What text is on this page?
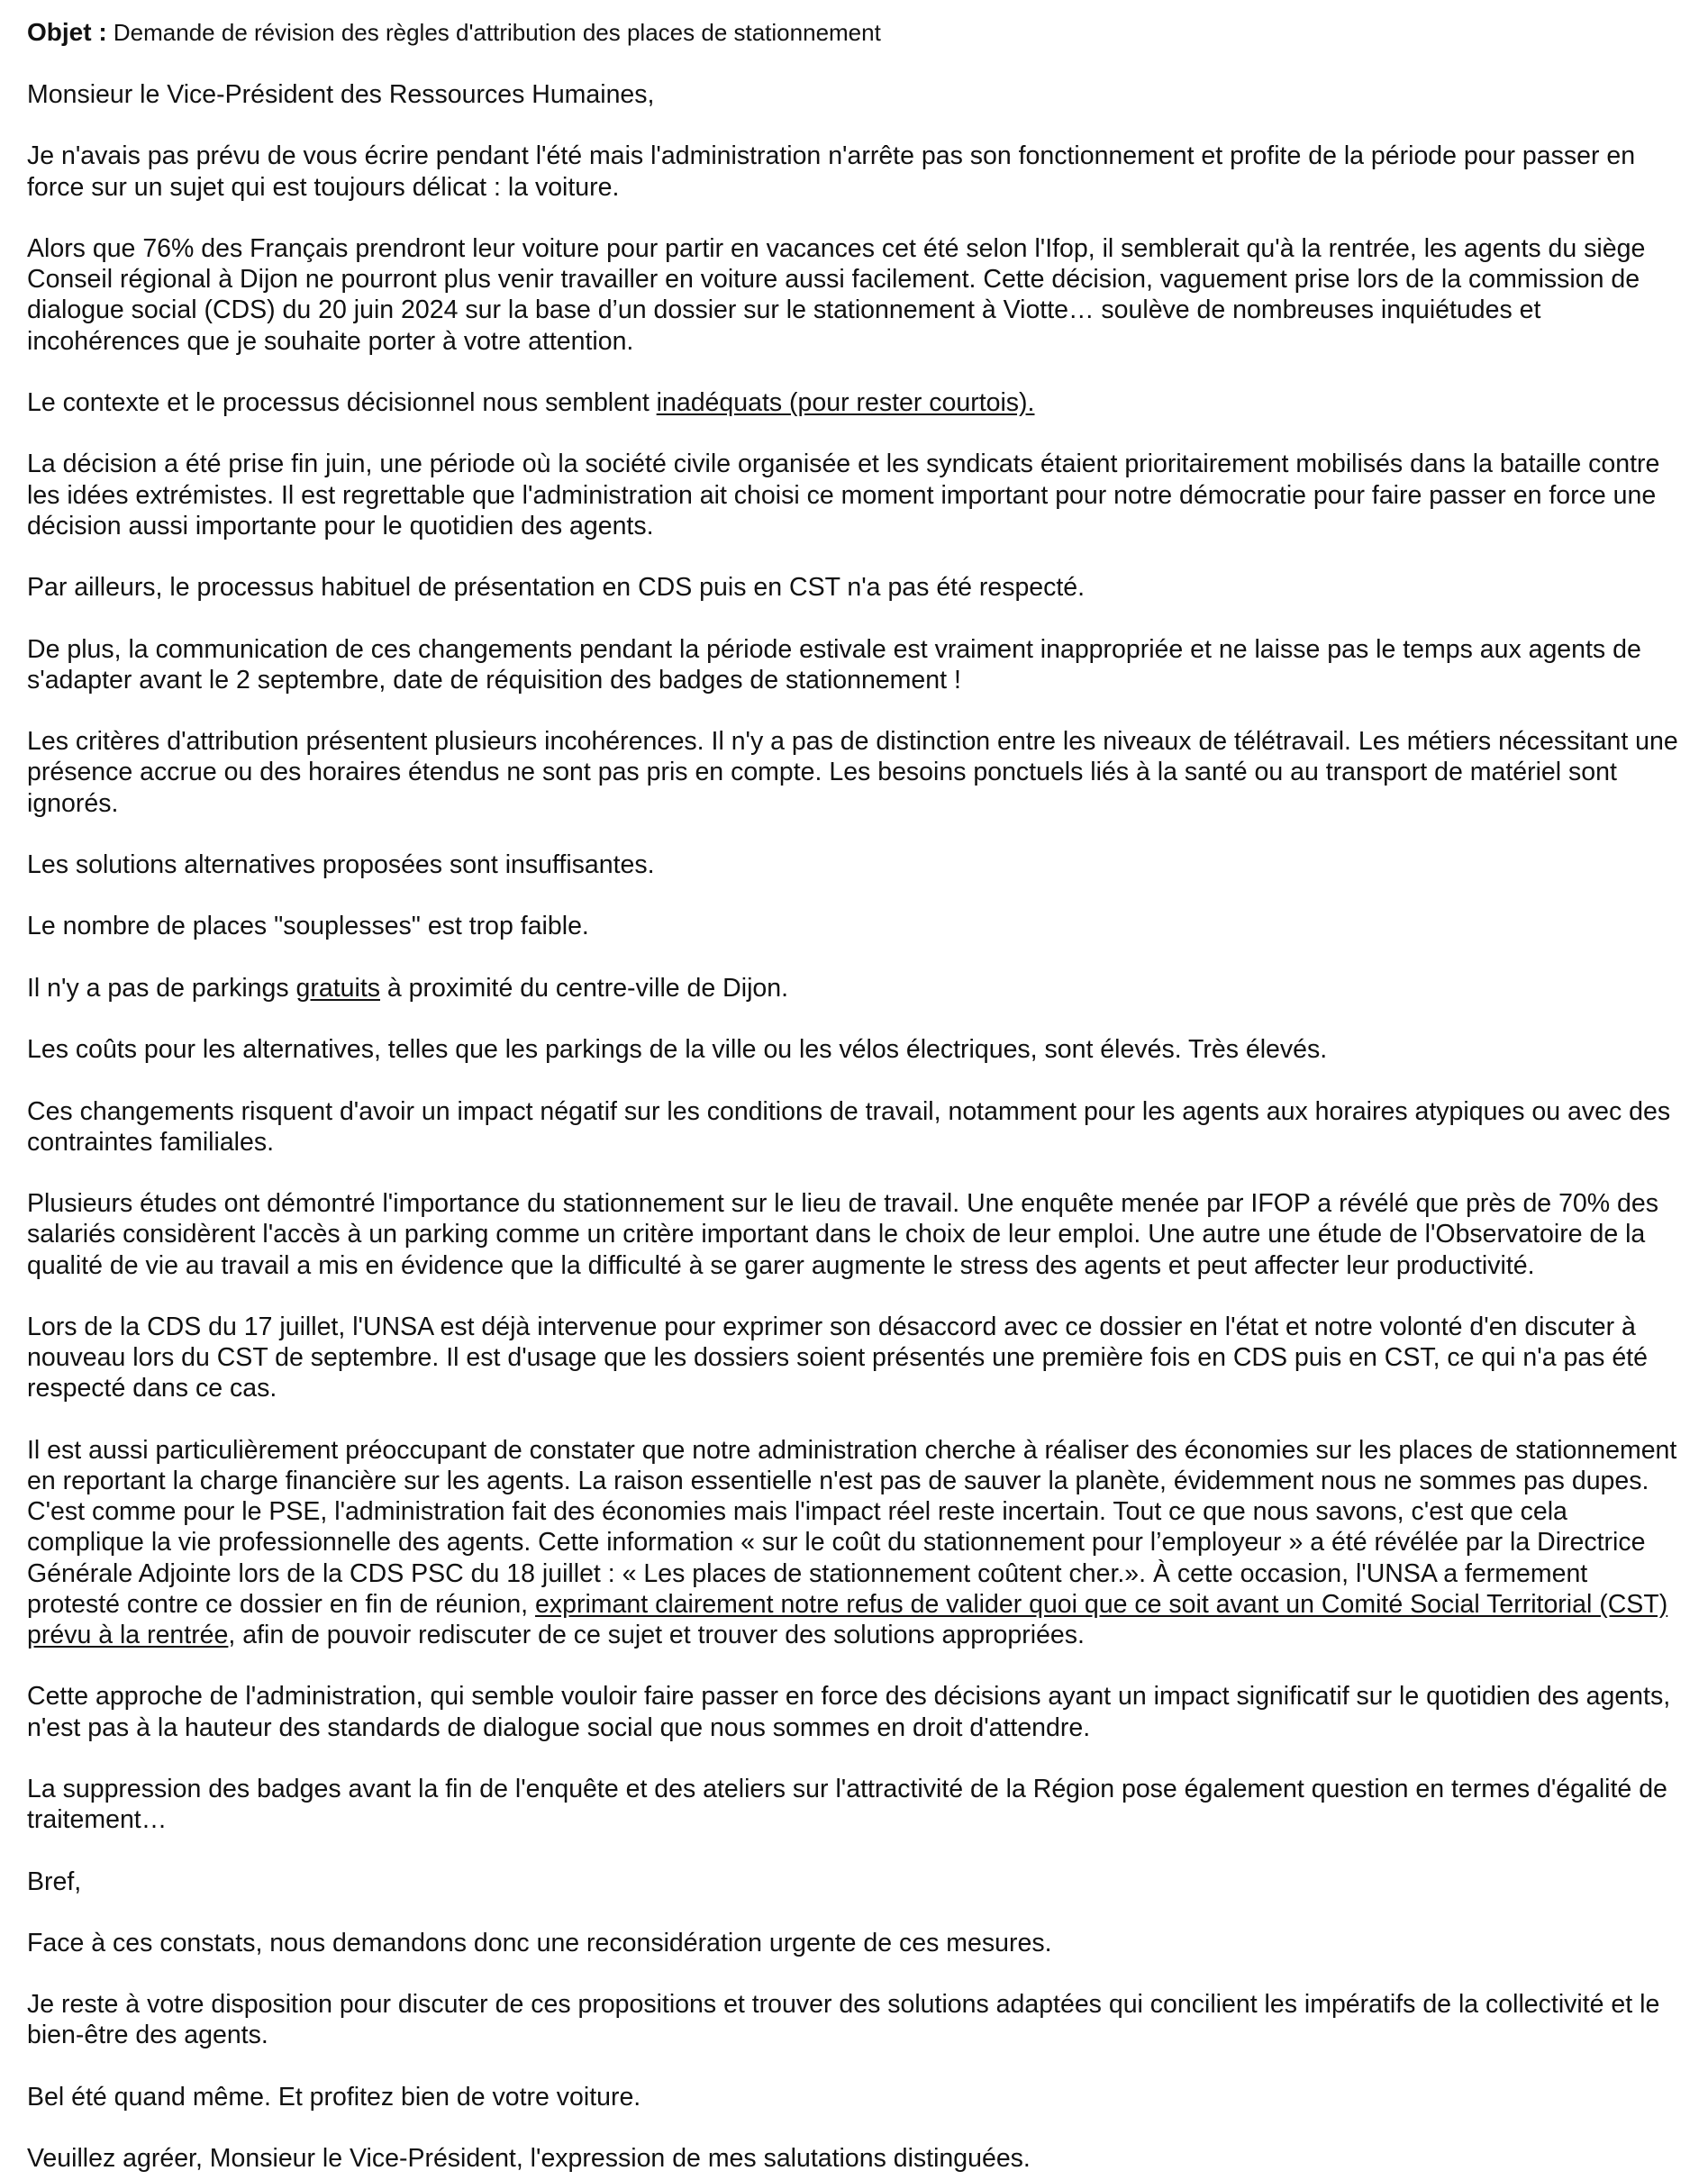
Objet : Demande de révision des règles d'attribution des places de stationnement
Monsieur le Vice-Président des Ressources Humaines,
Je n'avais pas prévu de vous écrire pendant l'été mais l'administration n'arrête pas son fonctionnement et profite de la période pour passer en force sur un sujet qui est toujours délicat : la voiture.
Alors que 76% des Français prendront leur voiture pour partir en vacances cet été selon l'Ifop, il semblerait qu'à la rentrée, les agents du siège Conseil régional à Dijon ne pourront plus venir travailler en voiture aussi facilement. Cette décision, vaguement prise lors de la commission de dialogue social (CDS) du 20 juin 2024 sur la base d’un dossier sur le stationnement à Viotte… soulève de nombreuses inquiétudes et incohérences que je souhaite porter à votre attention.
Le contexte et le processus décisionnel nous semblent inadéquats (pour rester courtois).
La décision a été prise fin juin, une période où la société civile organisée et les syndicats étaient prioritairement mobilisés dans la bataille contre les idées extrémistes. Il est regrettable que l'administration ait choisi ce moment important pour notre démocratie pour faire passer en force une décision aussi importante pour le quotidien des agents.
Par ailleurs, le processus habituel de présentation en CDS puis en CST n'a pas été respecté.
De plus, la communication de ces changements pendant la période estivale est vraiment inappropriée et ne laisse pas le temps aux agents de s'adapter avant le 2 septembre, date de réquisition des badges de stationnement !
Les critères d'attribution présentent plusieurs incohérences. Il n'y a pas de distinction entre les niveaux de télétravail. Les métiers nécessitant une présence accrue ou des horaires étendus ne sont pas pris en compte. Les besoins ponctuels liés à la santé ou au transport de matériel sont ignorés.
Les solutions alternatives proposées sont insuffisantes.
Le nombre de places "souplesses" est trop faible.
Il n'y a pas de parkings gratuits à proximité du centre-ville de Dijon.
Les coûts pour les alternatives, telles que les parkings de la ville ou les vélos électriques, sont élevés. Très élevés.
Ces changements risquent d'avoir un impact négatif sur les conditions de travail, notamment pour les agents aux horaires atypiques ou avec des contraintes familiales.
Plusieurs études ont démontré l'importance du stationnement sur le lieu de travail. Une enquête menée par IFOP a révélé que près de 70% des salariés considèrent l'accès à un parking comme un critère important dans le choix de leur emploi. Une autre une étude de l'Observatoire de la qualité de vie au travail a mis en évidence que la difficulté à se garer augmente le stress des agents et peut affecter leur productivité.
Lors de la CDS du 17 juillet, l'UNSA est déjà intervenue pour exprimer son désaccord avec ce dossier en l'état et notre volonté d'en discuter à nouveau lors du CST de septembre. Il est d'usage que les dossiers soient présentés une première fois en CDS puis en CST, ce qui n'a pas été respecté dans ce cas.
Il est aussi particulièrement préoccupant de constater que notre administration cherche à réaliser des économies sur les places de stationnement en reportant la charge financière sur les agents. La raison essentielle n'est pas de sauver la planète, évidemment nous ne sommes pas dupes. C'est comme pour le PSE, l'administration fait des économies mais l'impact réel reste incertain. Tout ce que nous savons, c'est que cela complique la vie professionnelle des agents. Cette information « sur le coût du stationnement pour l’employeur » a été révélée par la Directrice Générale Adjointe lors de la CDS PSC du 18 juillet : « Les places de stationnement coûtent cher.». À cette occasion, l'UNSA a fermement protesté contre ce dossier en fin de réunion, exprimant clairement notre refus de valider quoi que ce soit avant un Comité Social Territorial (CST) prévu à la rentrée, afin de pouvoir rediscuter de ce sujet et trouver des solutions appropriées.
Cette approche de l'administration, qui semble vouloir faire passer en force des décisions ayant un impact significatif sur le quotidien des agents, n'est pas à la hauteur des standards de dialogue social que nous sommes en droit d'attendre.
La suppression des badges avant la fin de l'enquête et des ateliers sur l'attractivité de la Région pose également question en termes d'égalité de traitement…
Bref,
Face à ces constats, nous demandons donc une reconsidération urgente de ces mesures.
Je reste à votre disposition pour discuter de ces propositions et trouver des solutions adaptées qui concilient les impératifs de la collectivité et le bien-être des agents.
Bel été quand même. Et profitez bien de votre voiture.
Veuillez agréer, Monsieur le Vice-Président, l'expression de mes salutations distinguées.
